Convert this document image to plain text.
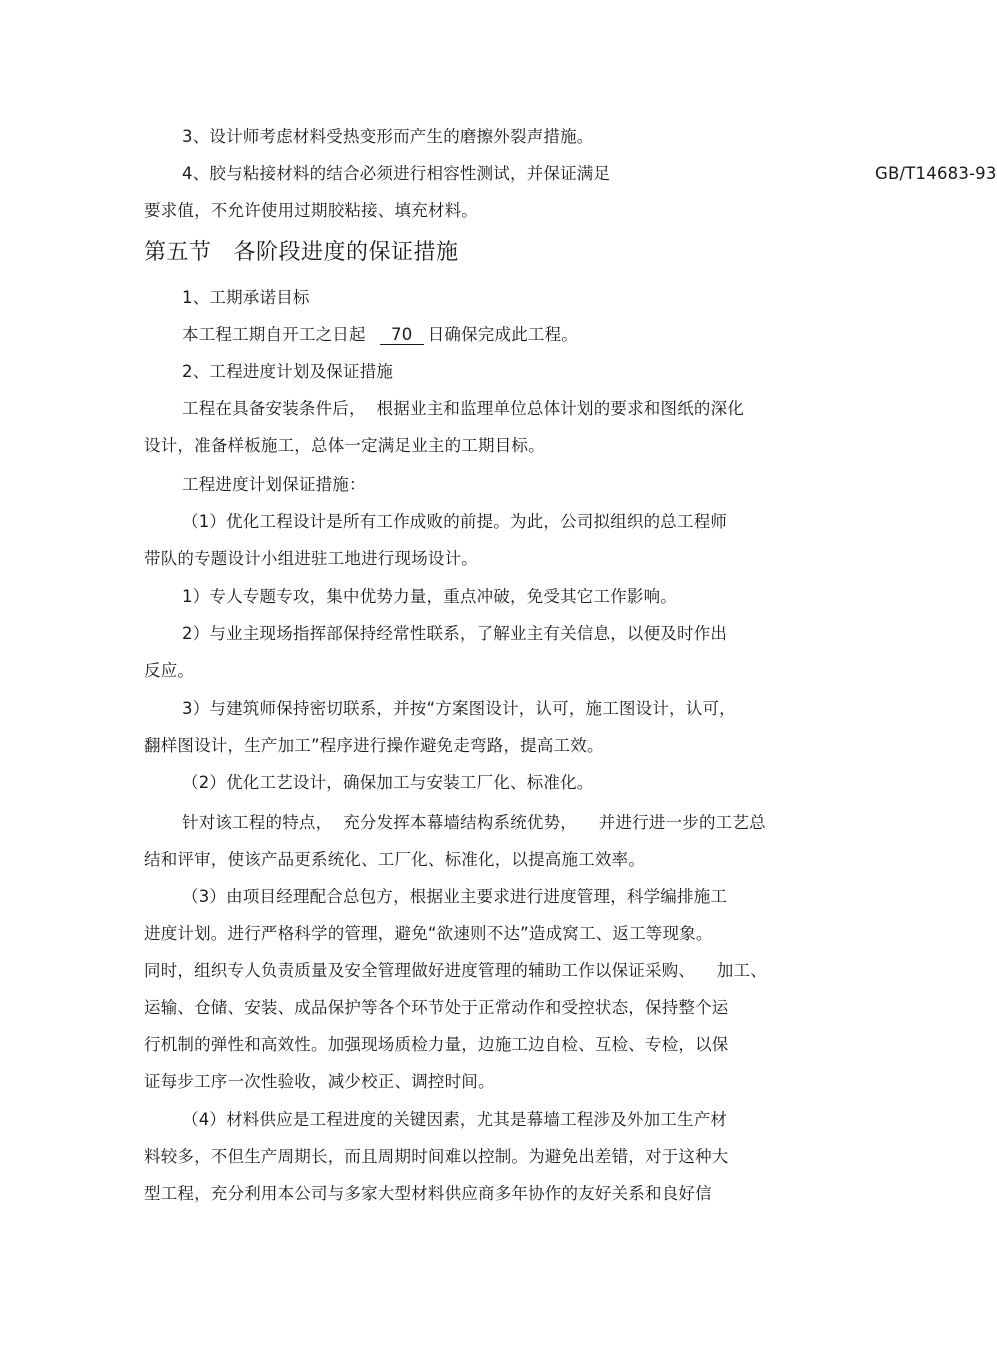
3、设计师考虑材料受热变形而产生的磨擦外裂声措施。
4、胶与粘接材料的结合必须进行相容性测试，并保证满足	GB/T14683-93
要求值，不允许使用过期胶粘接、填充材料。
第五节 各阶段进度的保证措施
1、工期承诺目标
本工程工期自开工之日起 70 日确保完成此工程。
2、工程进度计划及保证措施
工程在具备安装条件后，  根据业主和监理单位总体计划的要求和图纸的深化
设计，准备样板施工，总体一定满足业主的工期目标。
工程进度计划保证措施：
（1）优化工程设计是所有工作成败的前提。为此，公司拟组织的总工程师
带队的专题设计小组进驻工地进行现场设计。
1）专人专题专攻，集中优势力量，重点冲破，免受其它工作影响。
2）与业主现场指挥部保持经常性联系，了解业主有关信息，以便及时作出
反应。
3）与建筑师保持密切联系，并按“方案图设计，认可，施工图设计，认可，
翻样图设计，生产加工”程序进行操作避免走弯路，提高工效。
（2）优化工艺设计，确保加工与安装工厂化、标准化。
针对该工程的特点，  充分发挥本幕墙结构系统优势，    并进行进一步的工艺总
结和评审，使该产品更系统化、工厂化、标准化，以提高施工效率。
（3）由项目经理配合总包方，根据业主要求进行进度管理，科学编排施工
进度计划。进行严格科学的管理，避免“欲速则不达”造成窝工、返工等现象。
同时，组织专人负责质量及安全管理做好进度管理的辅助工作以保证采购、    加工、
运输、仓储、安装、成品保护等各个环节处于正常动作和受控状态，保持整个运
行机制的弹性和高效性。加强现场质检力量，边施工边自检、互检、专检，以保
证每步工序一次性验收，减少校正、调控时间。
（4）材料供应是工程进度的关键因素，尤其是幕墙工程涉及外加工生产材
料较多，不但生产周期长，而且周期时间难以控制。为避免出差错，对于这种大
型工程，充分利用本公司与多家大型材料供应商多年协作的友好关系和良好信
